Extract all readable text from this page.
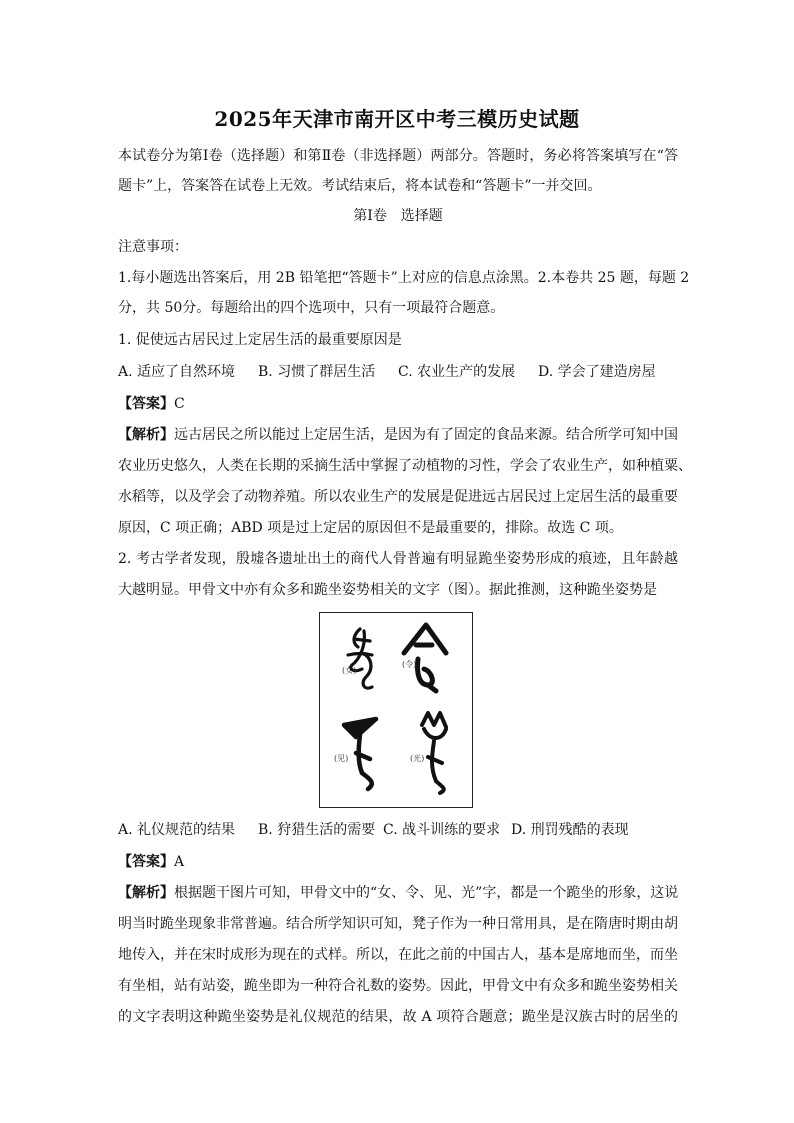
2025年天津市南开区中考三模历史试题
本试卷分为第Ⅰ卷（选择题）和第Ⅱ卷（非选择题）两部分。答题时，务必将答案填写在“答
题卡”上，答案答在试卷上无效。考试结束后，将本试卷和“答题卡”一并交回。
第Ⅰ卷　选择题
注意事项：
1.每小题选出答案后，用 2B 铅笔把“答题卡”上对应的信息点涂黑。2.本卷共 25 题，每题 2
分，共 50分。每题给出的四个选项中，只有一项最符合题意。
1. 促使远古居民过上定居生活的最重要原因是
A. 适应了自然环境 B. 习惯了群居生活 C. 农业生产的发展 D. 学会了建造房屋
【答案】C
【解析】远古居民之所以能过上定居生活，是因为有了固定的食品来源。结合所学可知中国
农业历史悠久，人类在长期的采摘生活中掌握了动植物的习性，学会了农业生产，如种植粟、
水稻等，以及学会了动物养殖。所以农业生产的发展是促进远古居民过上定居生活的最重要
原因，C 项正确；ABD 项是过上定居的原因但不是最重要的，排除。故选 C 项。
2. 考古学者发现，殷墟各遗址出土的商代人骨普遍有明显跪坐姿势形成的痕迹，且年龄越
大越明显。甲骨文中亦有众多和跪坐姿势相关的文字（图）。据此推测，这种跪坐姿势是
(女)
(令)
(见)	(光)
A. 礼仪规范的结果 B. 狩猎生活的需要 C. 战斗训练的要求 D. 刑罚残酷的表现
【答案】A
【解析】根据题干图片可知，甲骨文中的“女、令、见、光”字，都是一个跪坐的形象，这说
明当时跪坐现象非常普遍。结合所学知识可知，凳子作为一种日常用具，是在隋唐时期由胡
地传入，并在宋时成形为现在的式样。所以，在此之前的中国古人，基本是席地而坐，而坐
有坐相，站有站姿，跪坐即为一种符合礼数的姿势。因此，甲骨文中有众多和跪坐姿势相关
的文字表明这种跪坐姿势是礼仪规范的结果，故 A 项符合题意；跪坐是汉族古时的居坐的
